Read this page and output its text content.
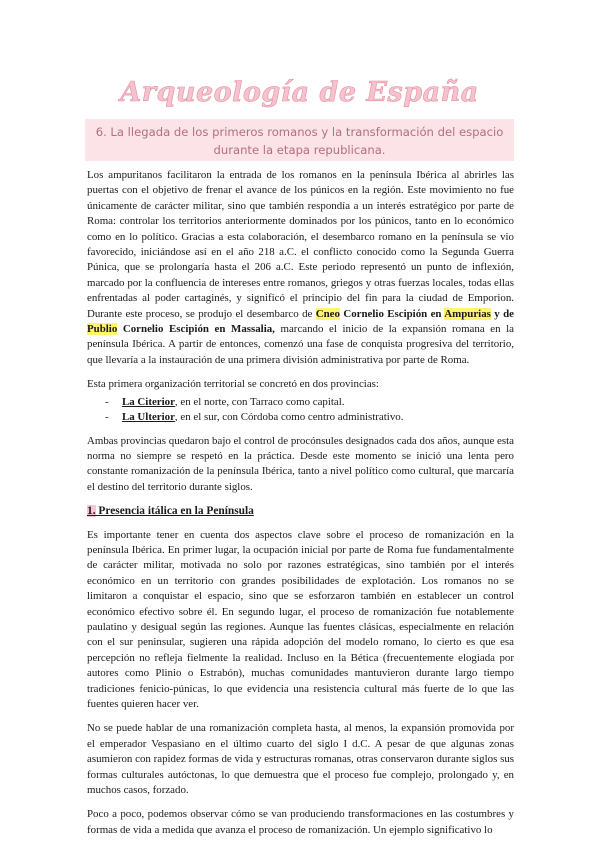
Arqueología de España
6. La llegada de los primeros romanos y la transformación del espacio durante la etapa republicana.

Los ampuritanos facilitaron la entrada de los romanos en la península Ibérica al abrirles las puertas con el objetivo de frenar el avance de los púnicos en la región. Este movimiento no fue únicamente de carácter militar, sino que también respondía a un interés estratégico por parte de Roma: controlar los territorios anteriormente dominados por los púnicos, tanto en lo económico como en lo político. Gracias a esta colaboración, el desembarco romano en la península se vio favorecido, iniciándose así en el año 218 a.C. el conflicto conocido como la Segunda Guerra Púnica, que se prolongaría hasta el 206 a.C. Este periodo representó un punto de inflexión, marcado por la confluencia de intereses entre romanos, griegos y otras fuerzas locales, todas ellas enfrentadas al poder cartaginés, y significó el principio del fin para la ciudad de Emporion. Durante este proceso, se produjo el desembarco de Cneo Cornelio Escipión en Ampurias y de Publio Cornelio Escipión en Massalia, marcando el inicio de la expansión romana en la península Ibérica. A partir de entonces, comenzó una fase de conquista progresiva del territorio, que llevaría a la instauración de una primera división administrativa por parte de Roma.

Esta primera organización territorial se concretó en dos provincias:

- La Citerior, en el norte, con Tarraco como capital.
- La Ulterior, en el sur, con Córdoba como centro administrativo.

Ambas provincias quedaron bajo el control de procónsules designados cada dos años, aunque esta norma no siempre se respetó en la práctica. Desde este momento se inició una lenta pero constante romanización de la península Ibérica, tanto a nivel político como cultural, que marcaría el destino del territorio durante siglos.

1. Presencia itálica en la Península

Es importante tener en cuenta dos aspectos clave sobre el proceso de romanización en la península Ibérica. En primer lugar, la ocupación inicial por parte de Roma fue fundamentalmente de carácter militar, motivada no solo por razones estratégicas, sino también por el interés económico en un territorio con grandes posibilidades de explotación. Los romanos no se limitaron a conquistar el espacio, sino que se esforzaron también en establecer un control económico efectivo sobre él. En segundo lugar, el proceso de romanización fue notablemente paulatino y desigual según las regiones. Aunque las fuentes clásicas, especialmente en relación con el sur peninsular, sugieren una rápida adopción del modelo romano, lo cierto es que esa percepción no refleja fielmente la realidad. Incluso en la Bética (frecuentemente elogiada por autores como Plinio o Estrabón), muchas comunidades mantuvieron durante largo tiempo tradiciones fenicio-púnicas, lo que evidencia una resistencia cultural más fuerte de lo que las fuentes quieren hacer ver.

No se puede hablar de una romanización completa hasta, al menos, la expansión promovida por el emperador Vespasiano en el último cuarto del siglo I d.C. A pesar de que algunas zonas asumieron con rapidez formas de vida y estructuras romanas, otras conservaron durante siglos sus formas culturales autóctonas, lo que demuestra que el proceso fue complejo, prolongado y, en muchos casos, forzado.

Poco a poco, podemos observar cómo se van produciendo transformaciones en las costumbres y formas de vida a medida que avanza el proceso de romanización. Un ejemplo significativo lo
